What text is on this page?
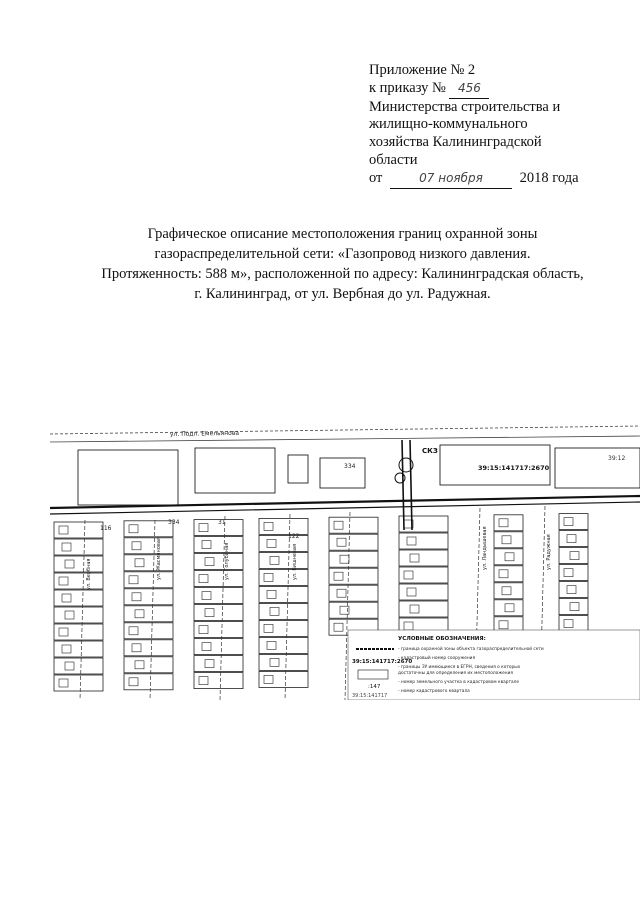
Приложение № 2
к приказу № 456
Министерства строительства и
жилищно-коммунального
хозяйства Калининградской
области
от	07 ноября	2018 года
Графическое описание местоположения границ охранной зоны
газораспределительной сети: «Газопровод низкого давления.
Протяженность: 588 м», расположенной по адресу: Калининградская область,
г. Калининград, от ул. Вербная до ул. Радужная.
ул. Подп. Емельянова
СКЗ
39:15:141717:2670
39:12
116
334
31
122
334
ул. Вербная	ул. Жасминовая	ул. Голубиная	ул. Вишневая	ул. Ландышевая	ул. Радужная
УСЛОВНЫЕ ОБОЗНАЧЕНИЯ:
39:15:141717:2670
:147
39:15:141717
- граница охранной зоны объекта газораспределительной сети
- кадастровый номер сооружения
- границы ЗУ имеющиеся в ЕГРН, сведения о которых
достаточны для определения их местоположения
- номер земельного участка в кадастровом квартале
- номер кадастрового квартала
